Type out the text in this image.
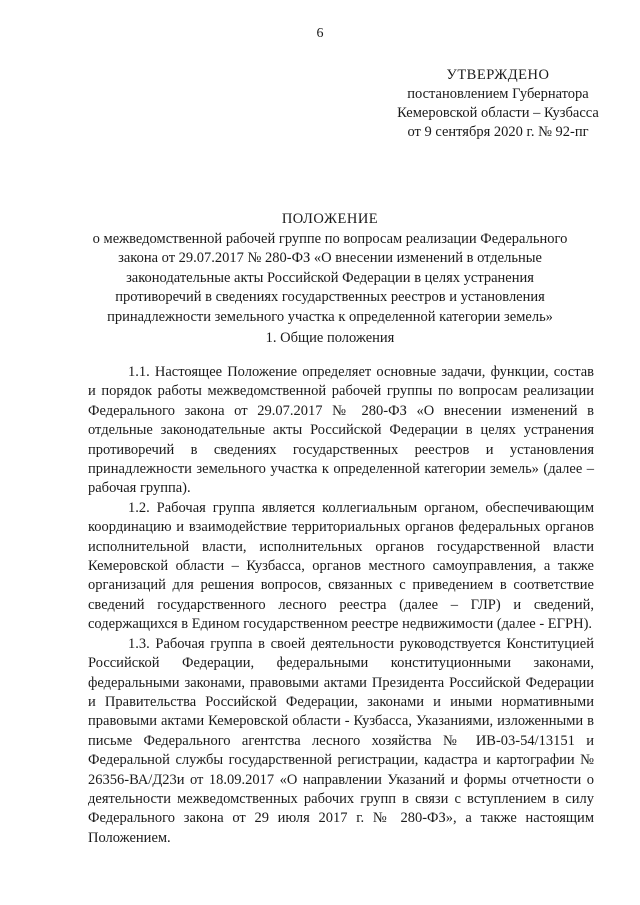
6
УТВЕРЖДЕНО
постановлением Губернатора
Кемеровской области – Кузбасса
от 9 сентября 2020 г. № 92-пг
ПОЛОЖЕНИЕ
о межведомственной рабочей группе по вопросам реализации Федерального
закона от 29.07.2017 № 280-ФЗ «О внесении изменений в отдельные
законодательные акты Российской Федерации в целях устранения
противоречий в сведениях государственных реестров и установления
принадлежности земельного участка к определенной категории земель»
1. Общие положения

1.1. Настоящее Положение определяет основные задачи, функции, состав и порядок работы межведомственной рабочей группы по вопросам реализации Федерального закона от 29.07.2017 № 280-ФЗ «О внесении изменений в отдельные законодательные акты Российской Федерации в целях устранения противоречий в сведениях государственных реестров и установления принадлежности земельного участка к определенной категории земель» (далее – рабочая группа).

1.2. Рабочая группа является коллегиальным органом, обеспечивающим координацию и взаимодействие территориальных органов федеральных органов исполнительной власти, исполнительных органов государственной власти Кемеровской области – Кузбасса, органов местного самоуправления, а также организаций для решения вопросов, связанных с приведением в соответствие сведений государственного лесного реестра (далее – ГЛР) и сведений, содержащихся в Едином государственном реестре недвижимости (далее - ЕГРН).

1.3. Рабочая группа в своей деятельности руководствуется Конституцией Российской Федерации, федеральными конституционными законами, федеральными законами, правовыми актами Президента Российской Федерации и Правительства Российской Федерации, законами и иными нормативными правовыми актами Кемеровской области - Кузбасса, Указаниями, изложенными в письме Федерального агентства лесного хозяйства № ИВ-03-54/13151 и Федеральной службы государственной регистрации, кадастра и картографии № 26356-ВА/Д23и от 18.09.2017 «О направлении Указаний и формы отчетности о деятельности межведомственных рабочих групп в связи с вступлением в силу Федерального закона от 29 июля 2017 г. № 280-ФЗ», а также настоящим Положением.
